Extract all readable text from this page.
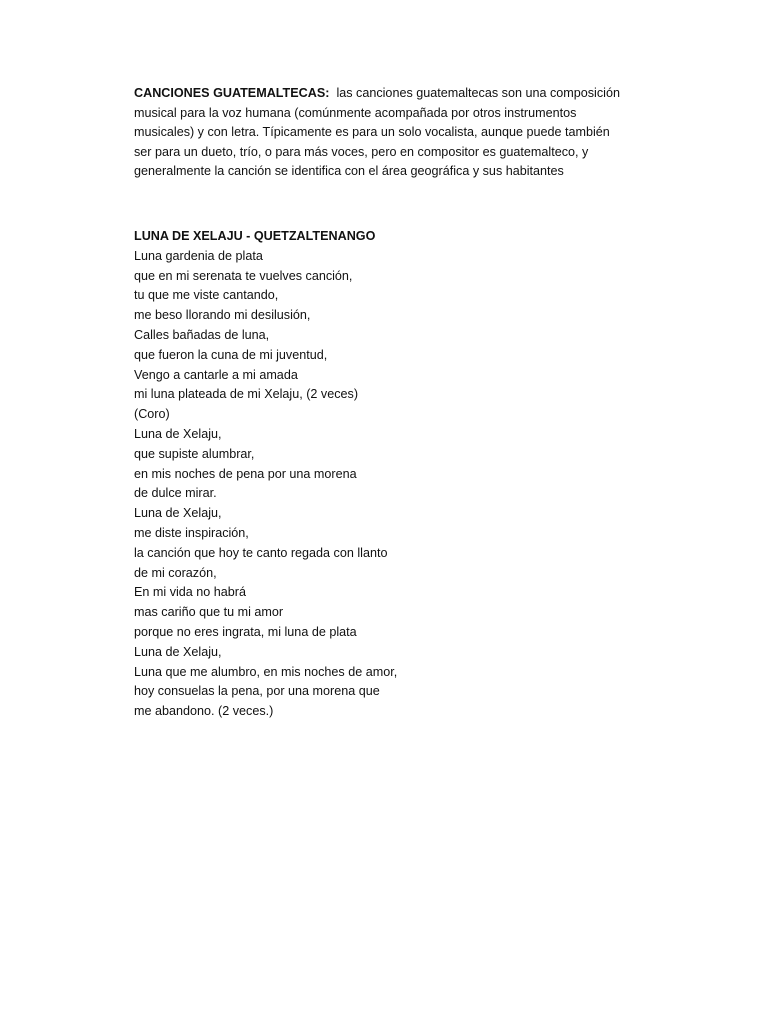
CANCIONES GUATEMALTECAS: las canciones guatemaltecas son una composición musical para la voz humana (comúnmente acompañada por otros instrumentos musicales) y con letra. Típicamente es para un solo vocalista, aunque puede también ser para un dueto, trío, o para más voces, pero en compositor es guatemalteco, y generalmente la canción se identifica con el área geográfica y sus habitantes

LUNA DE XELAJU - QUETZALTENANGO

Luna gardenia de plata
que en mi serenata te vuelves canción,
tu que me viste cantando,
me beso llorando mi desilusión,
Calles bañadas de luna,
que fueron la cuna de mi juventud,
Vengo a cantarle a mi amada
mi luna plateada de mi Xelaju, (2 veces)
(Coro)
Luna de Xelaju,
que supiste alumbrar,
en mis noches de pena por una morena
de dulce mirar.
Luna de Xelaju,
me diste inspiración,
la canción que hoy te canto regada con llanto
de mi corazón,
En mi vida no habrá
mas cariño que tu mi amor
porque no eres ingrata, mi luna de plata
Luna de Xelaju,
Luna que me alumbro, en mis noches de amor,
hoy consuelas la pena, por una morena que
me abandono. (2 veces.)
